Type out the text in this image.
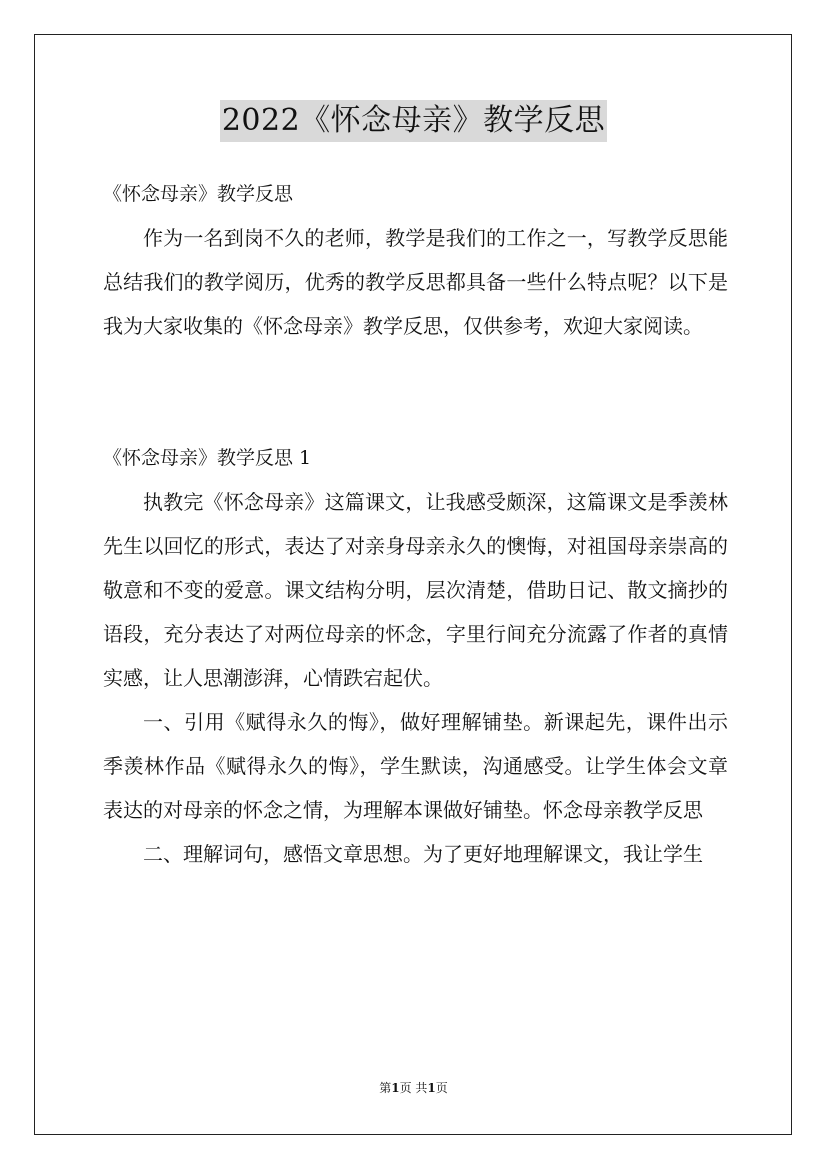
2022《怀念母亲》教学反思

《怀念母亲》教学反思

作为一名到岗不久的老师，教学是我们的工作之一，写教学反思能总结我们的教学阅历，优秀的教学反思都具备一些什么特点呢？以下是我为大家收集的《怀念母亲》教学反思，仅供参考，欢迎大家阅读。

《怀念母亲》教学反思 1

执教完《怀念母亲》这篇课文，让我感受颇深，这篇课文是季羡林先生以回忆的形式，表达了对亲身母亲永久的懊悔，对祖国母亲崇高的敬意和不变的爱意。课文结构分明，层次清楚，借助日记、散文摘抄的语段，充分表达了对两位母亲的怀念，字里行间充分流露了作者的真情实感，让人思潮澎湃，心情跌宕起伏。

一、引用《赋得永久的悔》，做好理解铺垫。新课起先，课件出示季羡林作品《赋得永久的悔》，学生默读，沟通感受。让学生体会文章表达的对母亲的怀念之情，为理解本课做好铺垫。怀念母亲教学反思

二、理解词句，感悟文章思想。为了更好地理解课文，我让学生

第1页 共1页
